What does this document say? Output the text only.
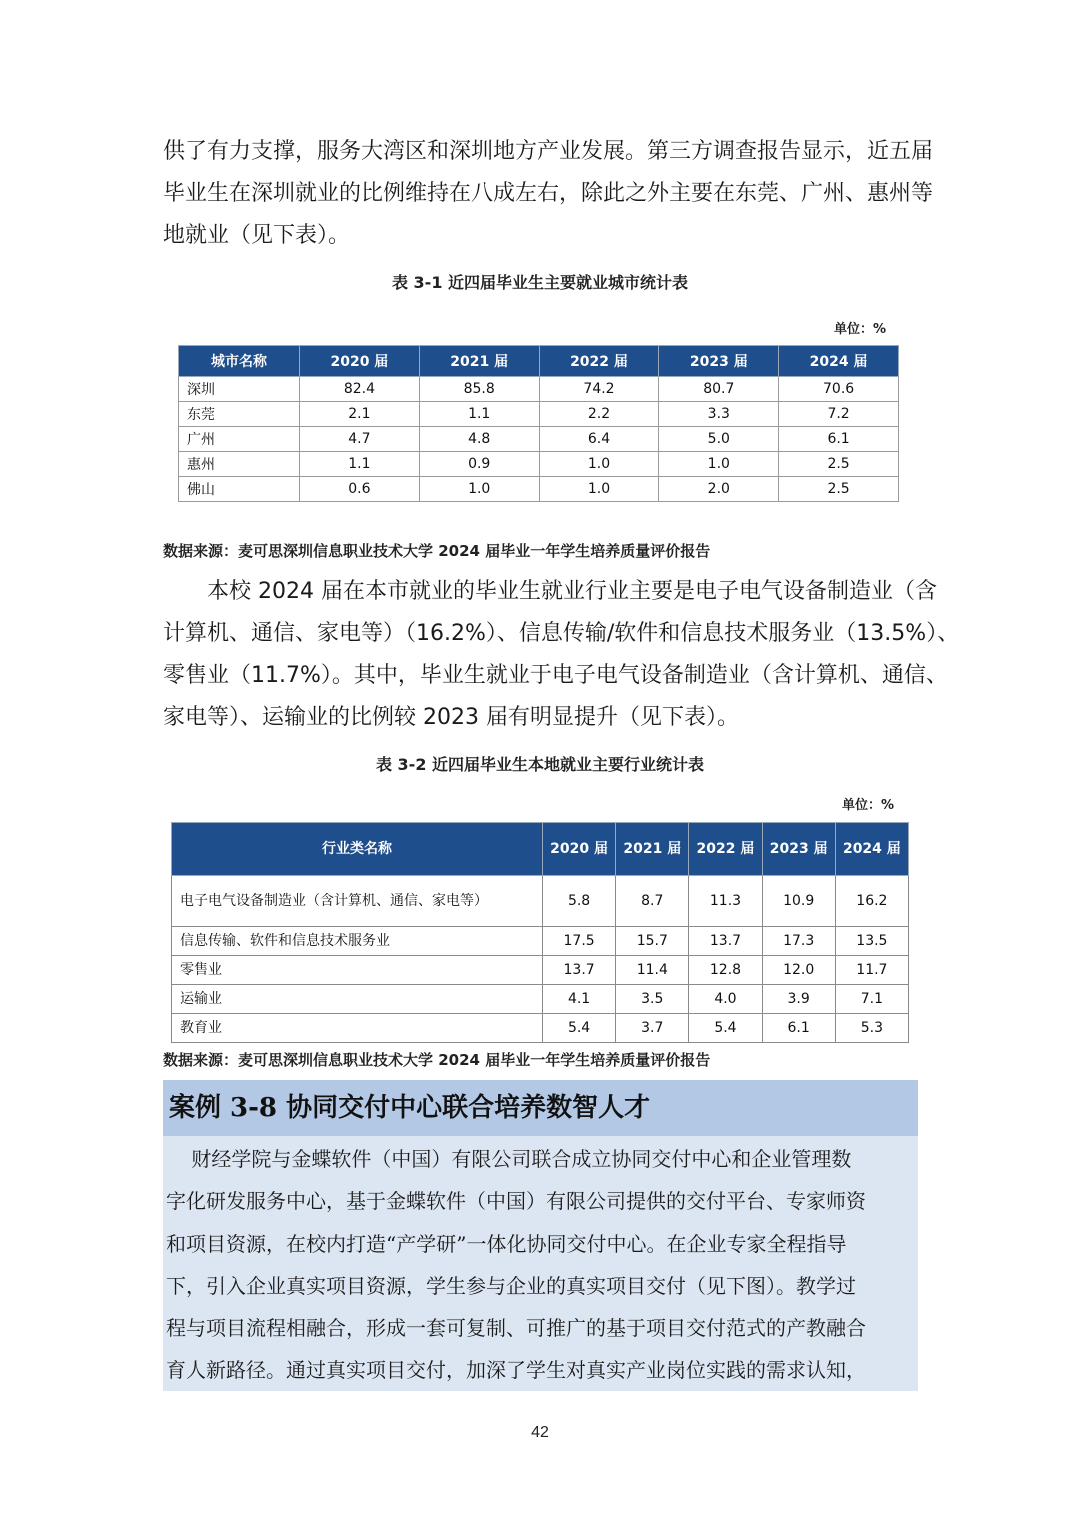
供了有力支撑，服务大湾区和深圳地方产业发展。第三方调查报告显示，近五届
毕业生在深圳就业的比例维持在八成左右，除此之外主要在东莞、广州、惠州等
地就业（见下表）。
表 3-1 近四届毕业生主要就业城市统计表
单位：%
城市名称	2020 届	2021 届	2022 届	2023 届	2024 届
深圳	82.4	85.8	74.2	80.7	70.6
东莞	2.1	1.1	2.2	3.3	7.2
广州	4.7	4.8	6.4	5.0	6.1
惠州	1.1	0.9	1.0	1.0	2.5
佛山	0.6	1.0	1.0	2.0	2.5
数据来源：麦可思深圳信息职业技术大学 2024 届毕业一年学生培养质量评价报告
本校 2024 届在本市就业的毕业生就业行业主要是电子电气设备制造业（含
计算机、通信、家电等）（16.2%）、信息传输/软件和信息技术服务业（13.5%）、
零售业（11.7%）。其中，毕业生就业于电子电气设备制造业（含计算机、通信、
家电等）、运输业的比例较 2023 届有明显提升（见下表）。
表 3-2 近四届毕业生本地就业主要行业统计表
单位：%
行业类名称	2020 届	2021 届	2022 届	2023 届	2024 届
电子电气设备制造业（含计算机、通信、家电等）	5.8	8.7	11.3	10.9	16.2
信息传输、软件和信息技术服务业	17.5	15.7	13.7	17.3	13.5
零售业	13.7	11.4	12.8	12.0	11.7
运输业	4.1	3.5	4.0	3.9	7.1
教育业	5.4	3.7	5.4	6.1	5.3
数据来源：麦可思深圳信息职业技术大学 2024 届毕业一年学生培养质量评价报告
案例 3-8 协同交付中心联合培养数智人才
财经学院与金蝶软件（中国）有限公司联合成立协同交付中心和企业管理数
字化研发服务中心，基于金蝶软件（中国）有限公司提供的交付平台、专家师资
和项目资源，在校内打造“产学研”一体化协同交付中心。在企业专家全程指导
下，引入企业真实项目资源，学生参与企业的真实项目交付（见下图）。教学过
程与项目流程相融合，形成一套可复制、可推广的基于项目交付范式的产教融合
育人新路径。通过真实项目交付，加深了学生对真实产业岗位实践的需求认知，
42
